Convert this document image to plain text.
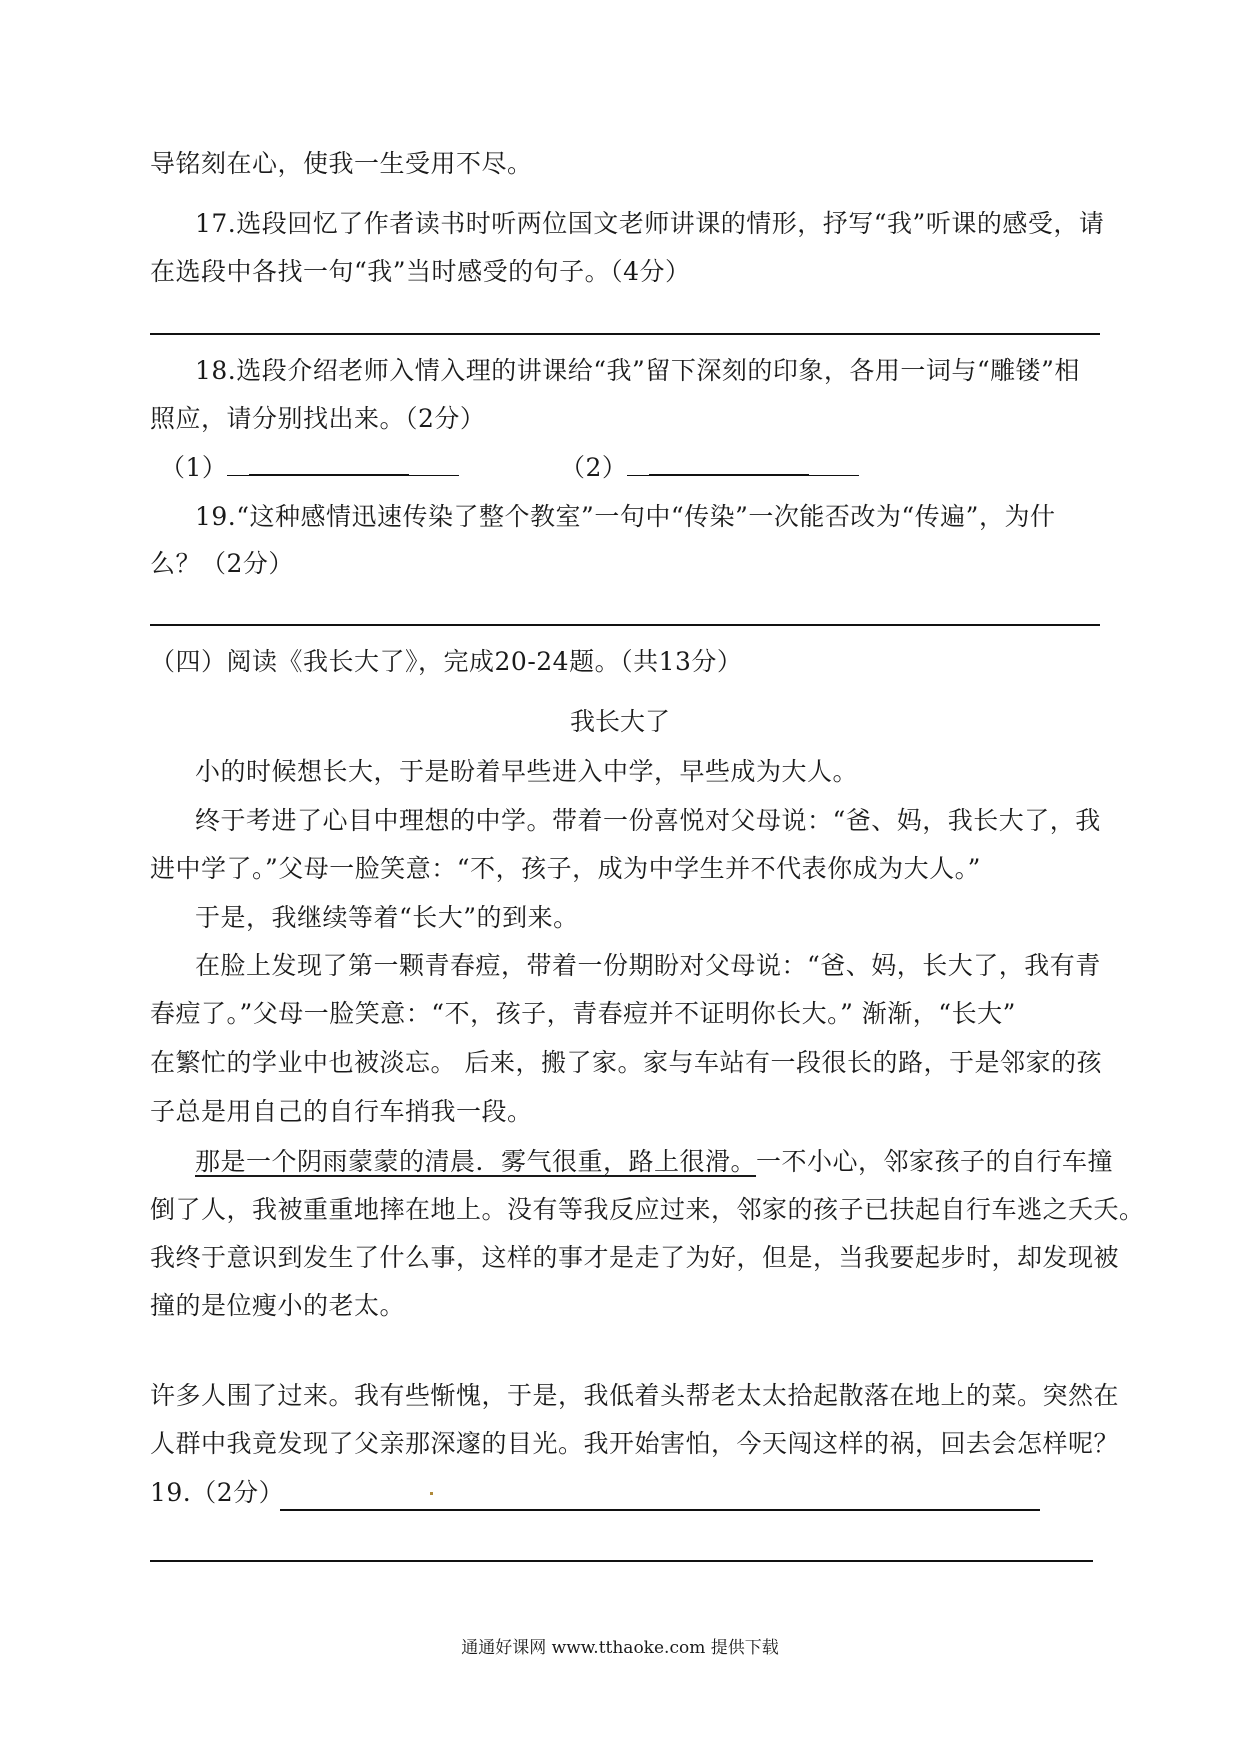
导铭刻在心，使我一生受用不尽。
17.选段回忆了作者读书时听两位国文老师讲课的情形，抒写“我”听课的感受，请
在选段中各找一句“我”当时感受的句子。（4分）
18.选段介绍老师入情入理的讲课给“我”留下深刻的印象，各用一词与“雕镂”相
照应，请分别找出来。（2分）
（1）	（2）
19.“这种感情迅速传染了整个教室”一句中“传染”一次能否改为“传遍”，为什
么？（2分）
（四）阅读《我长大了》，完成20-24题。（共13分）
我长大了
小的时候想长大，于是盼着早些进入中学，早些成为大人。
终于考进了心目中理想的中学。带着一份喜悦对父母说：“爸、妈，我长大了，我
进中学了。”父母一脸笑意：“不，孩子，成为中学生并不代表你成为大人。”
于是，我继续等着“长大”的到来。
在脸上发现了第一颗青春痘，带着一份期盼对父母说：“爸、妈，长大了，我有青
春痘了。”父母一脸笑意：“不，孩子，青春痘并不证明你长大。” 渐渐，“长大”
在繁忙的学业中也被淡忘。 后来，搬了家。家与车站有一段很长的路，于是邻家的孩
子总是用自己的自行车捎我一段。
那是一个阴雨蒙蒙的清晨．雾气很重，路上很滑。一不小心，邻家孩子的自行车撞
倒了人，我被重重地摔在地上。没有等我反应过来，邻家的孩子已扶起自行车逃之夭夭。
我终于意识到发生了什么事，这样的事才是走了为好，但是，当我要起步时，却发现被
撞的是位瘦小的老太。
许多人围了过来。我有些惭愧，于是，我低着头帮老太太拾起散落在地上的菜。突然在
人群中我竟发现了父亲那深邃的目光。我开始害怕，今天闯这样的祸，回去会怎样呢？
19.（2分）
通通好课网 www.tthaoke.com 提供下载
